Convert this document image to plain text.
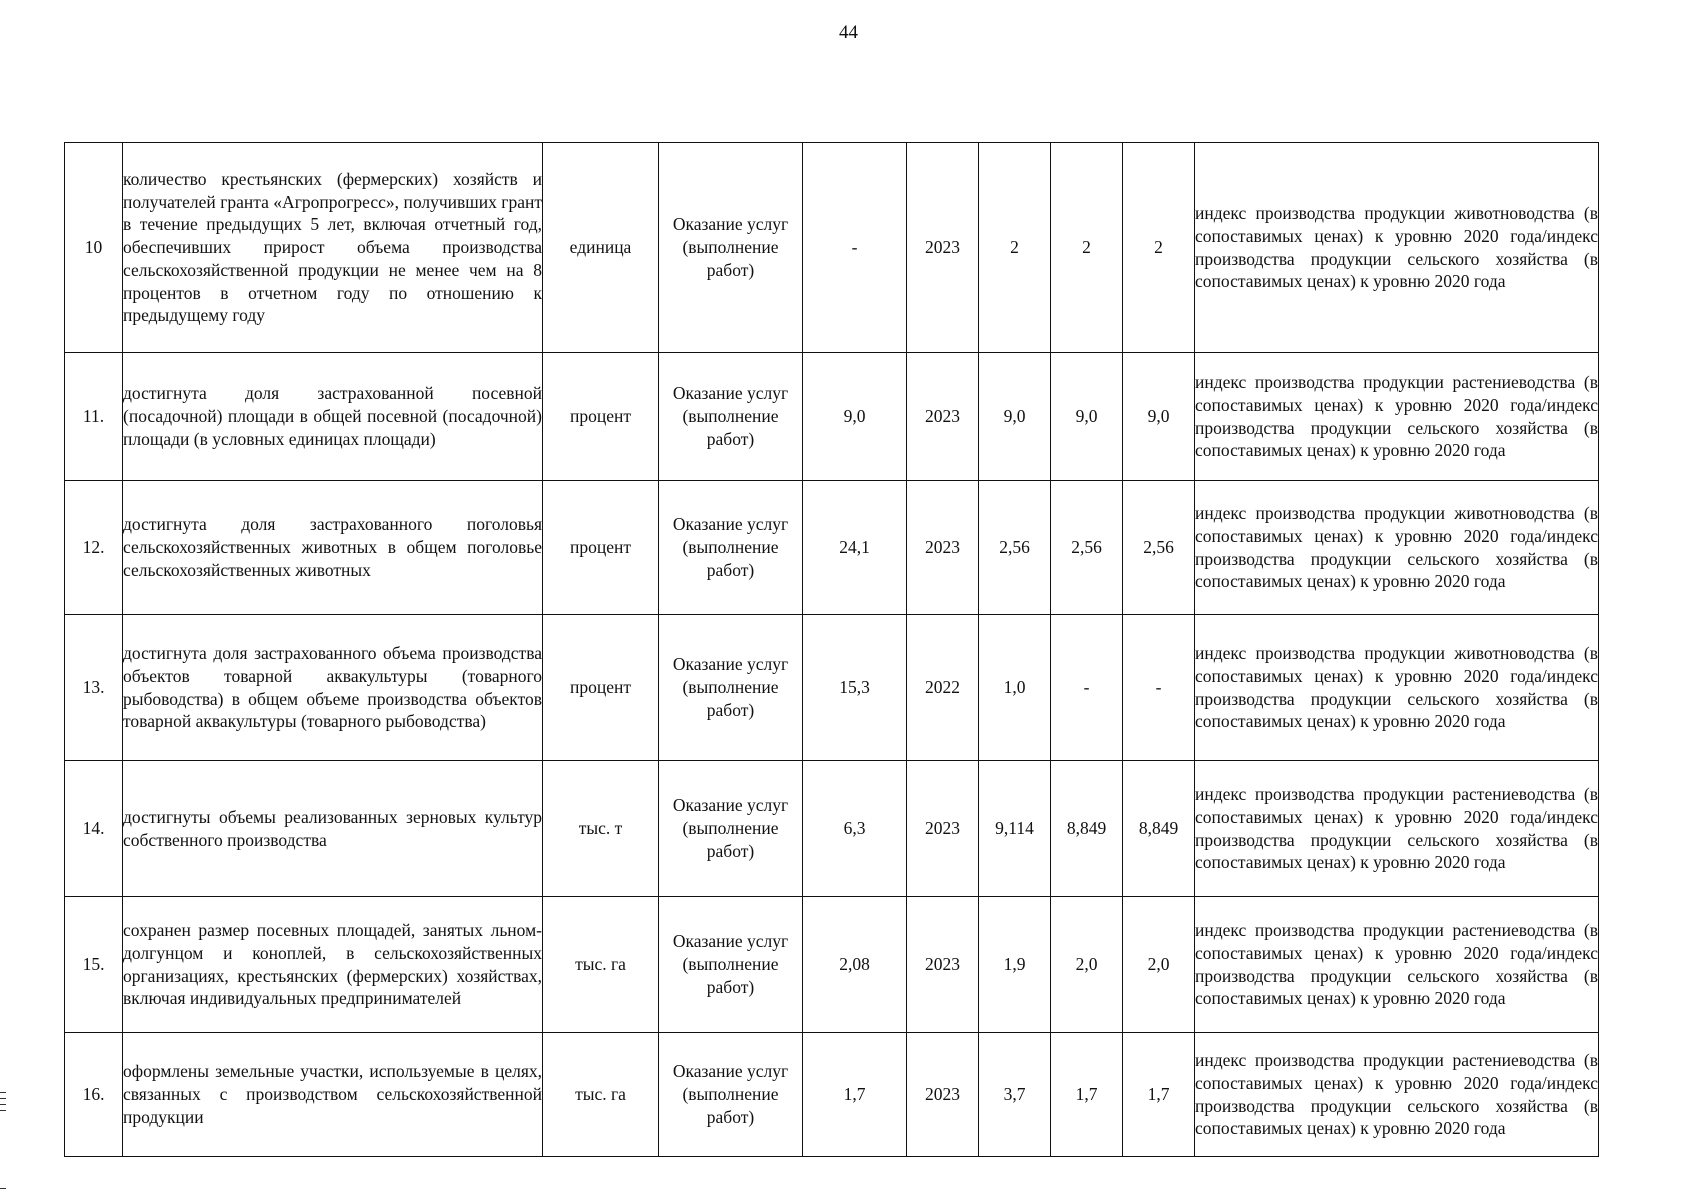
44
10	количество крестьянских (фермерских) хозяйств и получателей гранта «Агропрогресс», получивших грант в течение предыдущих 5 лет, включая отчетный год, обеспечивших прирост объема производства сельскохозяйственной продукции не менее чем на 8 процентов в отчетном году по отношению к предыдущему году	единица	Оказание услуг (выполнение работ)	-	2023	2	2	2	индекс производства продукции животноводства (в сопоставимых ценах) к уровню 2020 года/индекс производства продукции сельского хозяйства (в сопоставимых ценах) к уровню 2020 года
11.	достигнута доля застрахованной посевной (посадочной) площади в общей посевной (посадочной) площади (в условных единицах площади)	процент	Оказание услуг (выполнение работ)	9,0	2023	9,0	9,0	9,0	индекс производства продукции растениеводства (в сопоставимых ценах) к уровню 2020 года/индекс производства продукции сельского хозяйства (в сопоставимых ценах) к уровню 2020 года
12.	достигнута доля застрахованного поголовья сельскохозяйственных животных в общем поголовье сельскохозяйственных животных	процент	Оказание услуг (выполнение работ)	24,1	2023	2,56	2,56	2,56	индекс производства продукции животноводства (в сопоставимых ценах) к уровню 2020 года/индекс производства продукции сельского хозяйства (в сопоставимых ценах) к уровню 2020 года
13.	достигнута доля застрахованного объема производства объектов товарной аквакультуры (товарного рыбоводства) в общем объеме производства объектов товарной аквакультуры (товарного рыбоводства)	процент	Оказание услуг (выполнение работ)	15,3	2022	1,0	-	-	индекс производства продукции животноводства (в сопоставимых ценах) к уровню 2020 года/индекс производства продукции сельского хозяйства (в сопоставимых ценах) к уровню 2020 года
14.	достигнуты объемы реализованных зерновых культур собственного производства	тыс. т	Оказание услуг (выполнение работ)	6,3	2023	9,114	8,849	8,849	индекс производства продукции растениеводства (в сопоставимых ценах) к уровню 2020 года/индекс производства продукции сельского хозяйства (в сопоставимых ценах) к уровню 2020 года
15.	сохранен размер посевных площадей, занятых льном-долгунцом и коноплей, в сельскохозяйственных организациях, крестьянских (фермерских) хозяйствах, включая индивидуальных предпринимателей	тыс. га	Оказание услуг (выполнение работ)	2,08	2023	1,9	2,0	2,0	индекс производства продукции растениеводства (в сопоставимых ценах) к уровню 2020 года/индекс производства продукции сельского хозяйства (в сопоставимых ценах) к уровню 2020 года
16.	оформлены земельные участки, используемые в целях, связанных с производством сельскохозяйственной продукции	тыс. га	Оказание услуг (выполнение работ)	1,7	2023	3,7	1,7	1,7	индекс производства продукции растениеводства (в сопоставимых ценах) к уровню 2020 года/индекс производства продукции сельского хозяйства (в сопоставимых ценах) к уровню 2020 года
